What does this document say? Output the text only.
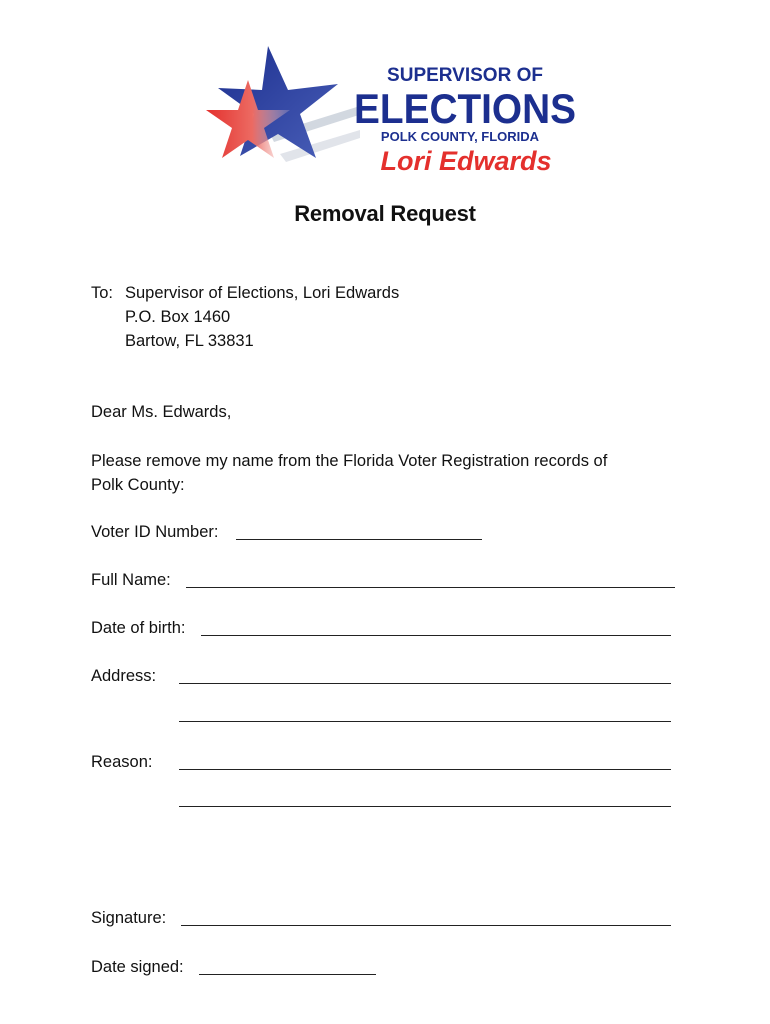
SUPERVISOR OF
ELECTIONS
POLK COUNTY, FLORIDA
Lori Edwards
Removal Request
To: Supervisor of Elections, Lori Edwards
P.O. Box 1460
Bartow, FL 33831
Dear Ms. Edwards,
Please remove my name from the Florida Voter Registration records of
Polk County:
Voter ID Number:
Full Name:
Date of birth:
Address:
Reason:
Signature:
Date signed:
